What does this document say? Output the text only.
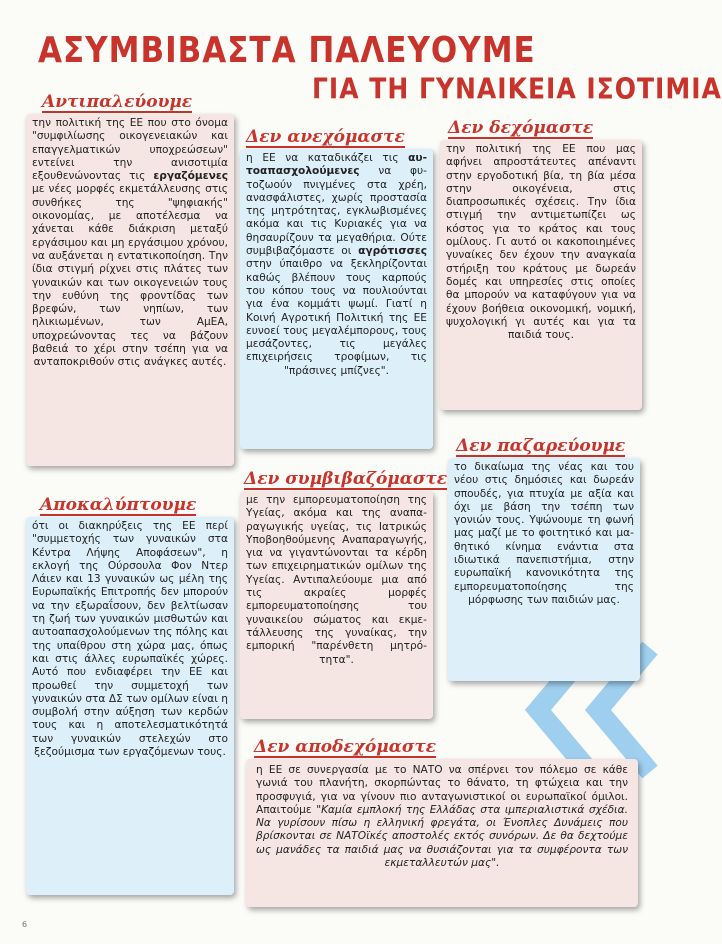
ΑΣΥΜΒΙΒΑΣΤΑ ΠΑΛΕΥΟΥΜΕ
ΓΙΑ ΤΗ ΓΥΝΑΙΚΕΙΑ ΙΣΟΤΙΜΙΑ
Αντιπαλεύουμε
την πολιτική της ΕΕ που στο όνομα "συμφιλίωσης οικογενειακών και επαγγελματικών υποχρεώσεων" εντείνει την ανισοτιμία εξουθενώνοντας τις εργαζόμενες με νέες μορφές εκμετάλλευσης στις συνθήκες της "ψηφιακής" οικονομίας, με αποτέλεσμα να χάνεται κάθε διάκριση μεταξύ εργάσιμου και μη εργάσιμου χρόνου, να αυξάνεται η εντατικοποίηση. Την ίδια στιγμή ρίχνει στις πλάτες των γυναικών και των οικογενειών τους την ευθύνη της φροντίδας των βρεφών, των νηπίων, των ηλικιωμένων, των ΑμΕΑ, υποχρεώνοντας τες να βάζουν βαθειά το χέρι στην τσέπη για να ανταποκριθούν στις ανάγκες αυτές.
Δεν ανεχόμαστε
η ΕΕ να καταδικάζει τις αυτοαπασχολούμενες να φυτοζωούν πνιγμένες στα χρέη, ανασφάλιστες, χωρίς προστασία της μητρότητας, εγκλωβισμένες ακόμα και τις Κυριακές για να θησαυρίζουν τα μεγαθήρια. Ούτε συμβιβαζόμαστε οι αγρότισσες στην ύπαιθρο να ξεκληρίζονται καθώς βλέπουν τους καρπούς του κόπου τους να πουλιούνται για ένα κομμάτι ψωμί. Γιατί η Κοινή Αγροτική Πολιτική της ΕΕ ευνοεί τους μεγαλέμπορους, τους μεσάζοντες, τις μεγάλες επιχειρήσεις τροφίμων, τις "πράσινες μπίζνες".
Δεν δεχόμαστε
την πολιτική της ΕΕ που μας αφήνει απροστάτευτες απέναντι στην εργοδοτική βία, τη βία μέσα στην οικογένεια, στις διαπροσωπικές σχέσεις. Την ίδια στιγμή την αντιμετωπίζει ως κόστος για το κράτος και τους ομίλους. Γι αυτό οι κακοποιημένες γυναίκες δεν έχουν την αναγκαία στήριξη του κράτους με δωρεάν δομές και υπηρεσίες στις οποίες θα μπορούν να καταφύγουν για να έχουν βοήθεια οικονομική, νομική, ψυχολογική γι αυτές και για τα παιδιά τους.
Αποκαλύπτουμε
ότι οι διακηρύξεις της ΕΕ περί "συμμετοχής των γυναικών στα Κέντρα Λήψης Αποφάσεων", η εκλογή της Ούρσουλα Φον Ντερ Λάιεν και 13 γυναικών ως μέλη της Ευρωπαϊκής Επιτροπής δεν μπορούν να την εξωραΐσουν, δεν βελτίωσαν τη ζωή των γυναικών μισθωτών και αυτοαπασχολούμενων της πόλης και της υπαίθρου στη χώρα μας, όπως και στις άλλες ευρωπαϊκές χώρες. Αυτό που ενδιαφέρει την ΕΕ και προωθεί την συμμετοχή των γυναικών στα ΔΣ των ομίλων είναι η συμβολή στην αύξηση των κερδών τους και η αποτελεσματικότητά των γυναικών στελεχών στο ξεζούμισμα των εργαζόμενων τους.
Δεν συμβιβαζόμαστε
με την εμπορευματοποίηση της Υγείας, ακόμα και της αναπαραγωγικής υγείας, τις Ιατρικώς Υποβοηθούμενης Αναπαραγωγής, για να γιγαντώνονται τα κέρδη των επιχειρηματικών ομίλων της Υγείας. Αντιπαλεύουμε μια από τις ακραίες μορφές εμπορευματοποίησης του γυναικείου σώματος και εκμετάλλευσης της γυναίκας, την εμπορική "παρένθετη μητρότητα".
Δεν παζαρεύουμε
το δικαίωμα της νέας και του νέου στις δημόσιες και δωρεάν σπουδές, για πτυχία με αξία και όχι με βάση την τσέπη των γονιών τους. Υψώνουμε τη φωνή μας μαζί με το φοιτητικό και μαθητικό κίνημα ενάντια στα ιδιωτικά πανεπιστήμια, στην ευρωπαϊκή κανονικότητα της εμπορευματοποίησης της μόρφωσης των παιδιών μας.
Δεν αποδεχόμαστε
η ΕΕ σε συνεργασία με το ΝΑΤΟ να σπέρνει τον πόλεμο σε κάθε γωνιά του πλανήτη, σκορπώντας το θάνατο, τη φτώχεια και την προσφυγιά, για να γίνουν πιο ανταγωνιστικοί οι ευρωπαϊκοί όμιλοι. Απαιτούμε "Καμία εμπλοκή της Ελλάδας στα ιμπεριαλιστικά σχέδια. Να γυρίσουν πίσω η ελληνική φρεγάτα, οι Ένοπλες Δυνάμεις που βρίσκονται σε ΝΑΤΟϊκές αποστολές εκτός συνόρων. Δε θα δεχτούμε ως μανάδες τα παιδιά μας να θυσιάζονται για τα συμφέροντα των εκμεταλλευτών μας".
6
